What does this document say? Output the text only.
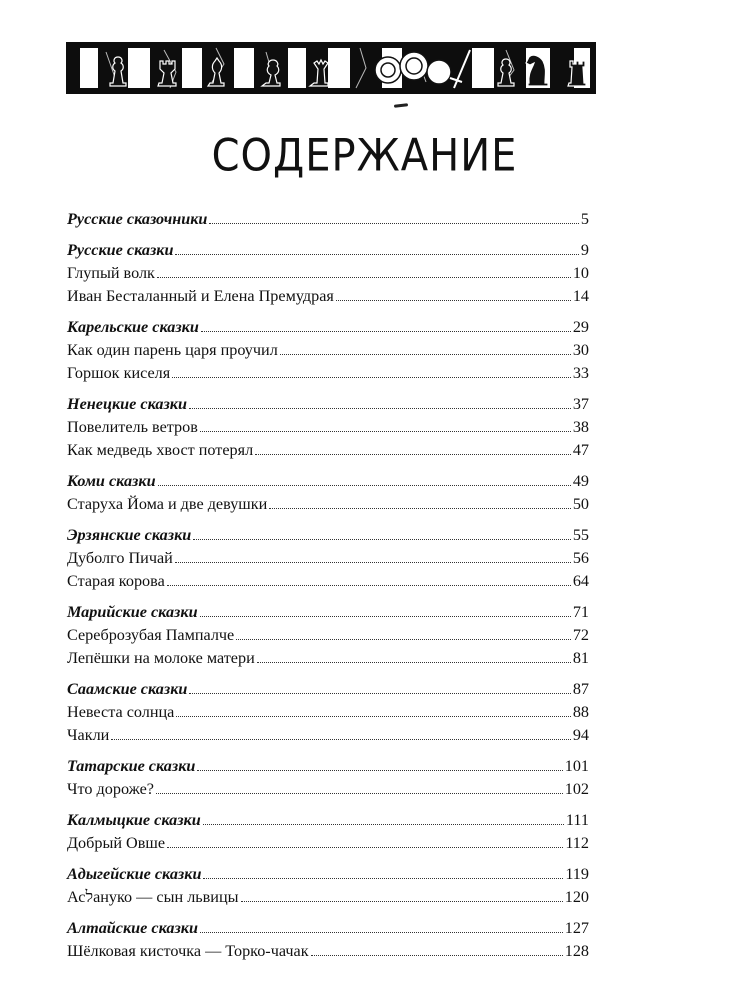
СОДЕРЖАНИЕ
Русские сказочники	5
Русские сказки	9
Глупый волк	10
Иван Бесталанный и Елена Премудрая	14
Карельские сказки	29
Как один парень царя проучил	30
Горшок киселя	33
Ненецкие сказки	37
Повелитель ветров	38
Как медведь хвост потерял	47
Коми сказки	49
Старуха Йома и две девушки	50
Эрзянские сказки	55
Дуболго Пичай	56
Старая корова	64
Марийские сказки	71
Сереброзубая Пампалче	72
Лепёшки на молоке матери	81
Саамские сказки	87
Невеста солнца	88
Чакли	94
Татарские сказки	101
Что дороже?	102
Калмыцкие сказки	111
Добрый Овше	112
Адыгейские сказки	119
Асלануко — сын львицы	120
Алтайские сказки	127
Шёлковая кисточка — Торко-чачак	128
